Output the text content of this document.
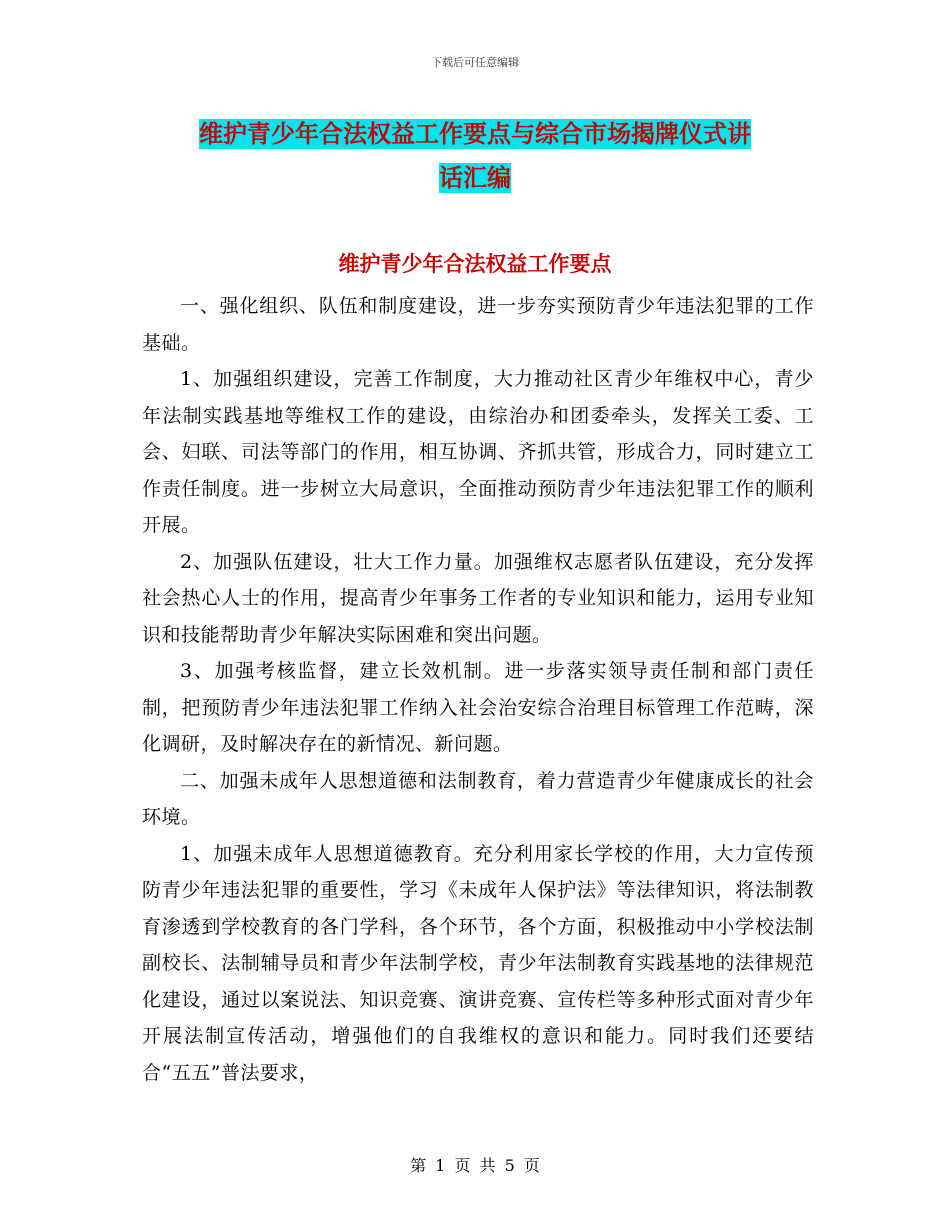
下载后可任意编辑
维护青少年合法权益工作要点与综合市场揭牌仪式讲
话汇编
维护青少年合法权益工作要点

一、强化组织、队伍和制度建设，进一步夯实预防青少年违法犯罪的工作基础。

1、加强组织建设，完善工作制度，大力推动社区青少年维权中心，青少年法制实践基地等维权工作的建设，由综治办和团委牵头，发挥关工委、工会、妇联、司法等部门的作用，相互协调、齐抓共管，形成合力，同时建立工作责任制度。进一步树立大局意识，全面推动预防青少年违法犯罪工作的顺利开展。

2、加强队伍建设，壮大工作力量。加强维权志愿者队伍建设，充分发挥社会热心人士的作用，提高青少年事务工作者的专业知识和能力，运用专业知识和技能帮助青少年解决实际困难和突出问题。

3、加强考核监督，建立长效机制。进一步落实领导责任制和部门责任制，把预防青少年违法犯罪工作纳入社会治安综合治理目标管理工作范畴，深化调研，及时解决存在的新情况、新问题。

二、加强未成年人思想道德和法制教育，着力营造青少年健康成长的社会环境。

1、加强未成年人思想道德教育。充分利用家长学校的作用，大力宣传预防青少年违法犯罪的重要性，学习《未成年人保护法》等法律知识，将法制教育渗透到学校教育的各门学科，各个环节，各个方面，积极推动中小学校法制副校长、法制辅导员和青少年法制学校，青少年法制教育实践基地的法律规范化建设，通过以案说法、知识竞赛、演讲竞赛、宣传栏等多种形式面对青少年开展法制宣传活动，增强他们的自我维权的意识和能力。同时我们还要结合“五五”普法要求，

第 1 页 共 5 页
